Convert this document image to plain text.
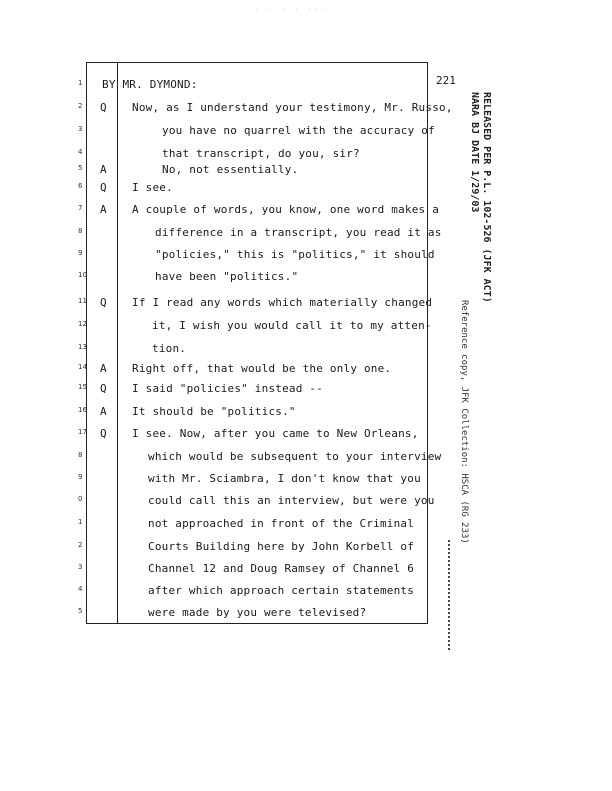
· · · · ···
221
1 BY MR. DYMOND:
2 Q Now, as I understand your testimony, Mr. Russo,
3	you have no quarrel with the accuracy of
4	that transcript, do you, sir?
5 A	No, not essentially.
6 Q I see.
7 A A couple of words, you know, one word makes a
8	difference in a transcript, you read it as
9	"policies," this is "politics," it should
10	have been "politics."
11 Q If I read any words which materially changed
12	it, I wish you would call it to my atten-
13	tion.
14 A Right off, that would be the only one.
15 Q I said "policies" instead --
16 A It should be "politics."
17 Q I see. Now, after you came to New Orleans,
8	which would be subsequent to your interview
9	with Mr. Sciambra, I don't know that you
0	could call this an interview, but were you
1	not approached in front of the Criminal
2	Courts Building here by John Korbell of
3	Channel 12 and Doug Ramsey of Channel 6
4	after which approach certain statements
5	were made by you were televised?
RELEASED PER P.L. 102-526 (JFK ACT)
NARA BJ DATE 1/29/03
Reference copy, JFK Collection: HSCA (RG 233)
